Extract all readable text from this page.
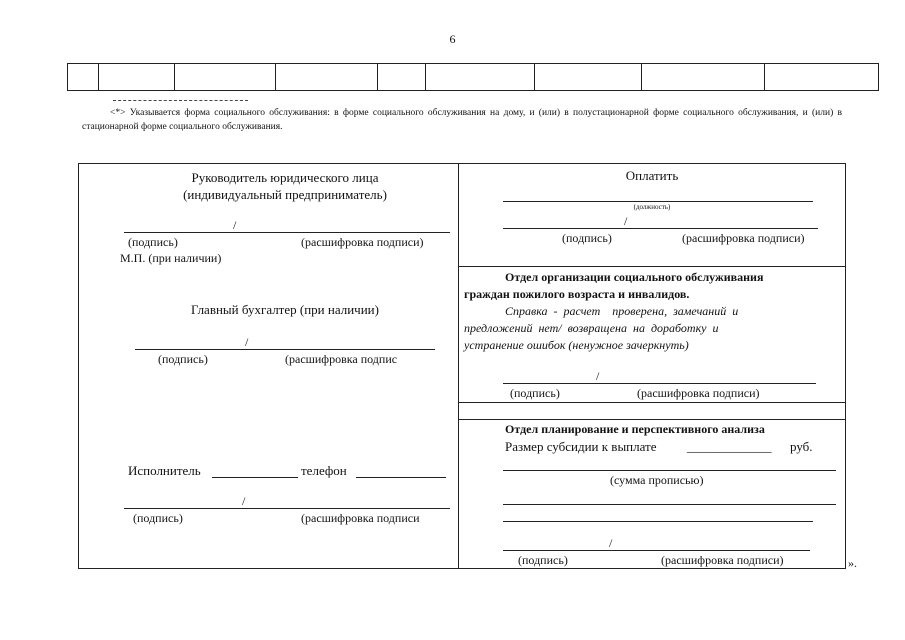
6
<*> Указывается форма социального обслуживания: в форме социального обслуживания на дому, и (или) в полустационарной форме социального обслуживания, и (или) в стационарной форме социального обслуживания.
Руководитель юридического лица
(индивидуальный предприниматель)
/
(подпись)	(расшифровка подписи)
М.П. (при наличии)
Главный бухгалтер (при наличии)
/
(подпись)	(расшифровка подпис
Исполнитель	телефон
/
(подпись)	(расшифровка подписи
Оплатить
(должность)
/
(подпись)	(расшифровка подписи)
Отдел организации социального обслуживания
граждан пожилого возраста и инвалидов.
Справка  -  расчет    проверена,  замечаний  и
предложений  нет/  возвращена  на  доработку  и
устранение ошибок (ненужное зачеркнуть)
/
(подпись)	(расшифровка подписи)
Отдел планирование и перспективного анализа
Размер субсидии к выплате _____________ руб.
(сумма прописью)
/
(подпись)	(расшифровка подписи)	».
